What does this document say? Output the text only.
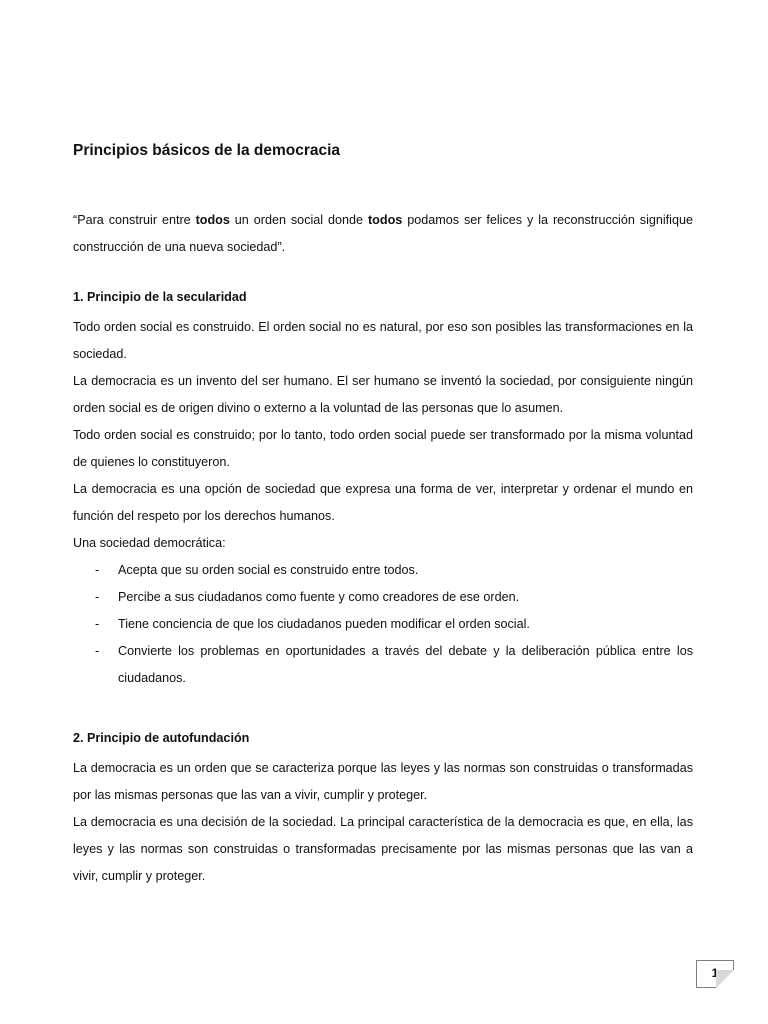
Principios básicos de la democracia

“Para construir entre todos un orden social donde todos podamos ser felices y la reconstrucción signifique construcción de una nueva sociedad”.

1. Principio de la secularidad

Todo orden social es construido. El orden social no es natural, por eso son posibles las transformaciones en la sociedad.

La democracia es un invento del ser humano. El ser humano se inventó la sociedad, por consiguiente ningún orden social es de origen divino o externo a la voluntad de las personas que lo asumen.

Todo orden social es construido; por lo tanto, todo orden social puede ser transformado por la misma voluntad de quienes lo constituyeron.

La democracia es una opción de sociedad que expresa una forma de ver, interpretar y ordenar el mundo en función del respeto por los derechos humanos.

Una sociedad democrática:

- Acepta que su orden social es construido entre todos.
- Percibe a sus ciudadanos como fuente y como creadores de ese orden.
- Tiene conciencia de que los ciudadanos pueden modificar el orden social.
- Convierte los problemas en oportunidades a través del debate y la deliberación pública entre los ciudadanos.
2. Principio de autofundación

La democracia es un orden que se caracteriza porque las leyes y las normas son construidas o transformadas por las mismas personas que las van a vivir, cumplir y proteger.

La democracia es una decisión de la sociedad. La principal característica de la democracia es que, en ella, las leyes y las normas son construidas o transformadas precisamente por las mismas personas que las van a vivir, cumplir y proteger.

1
